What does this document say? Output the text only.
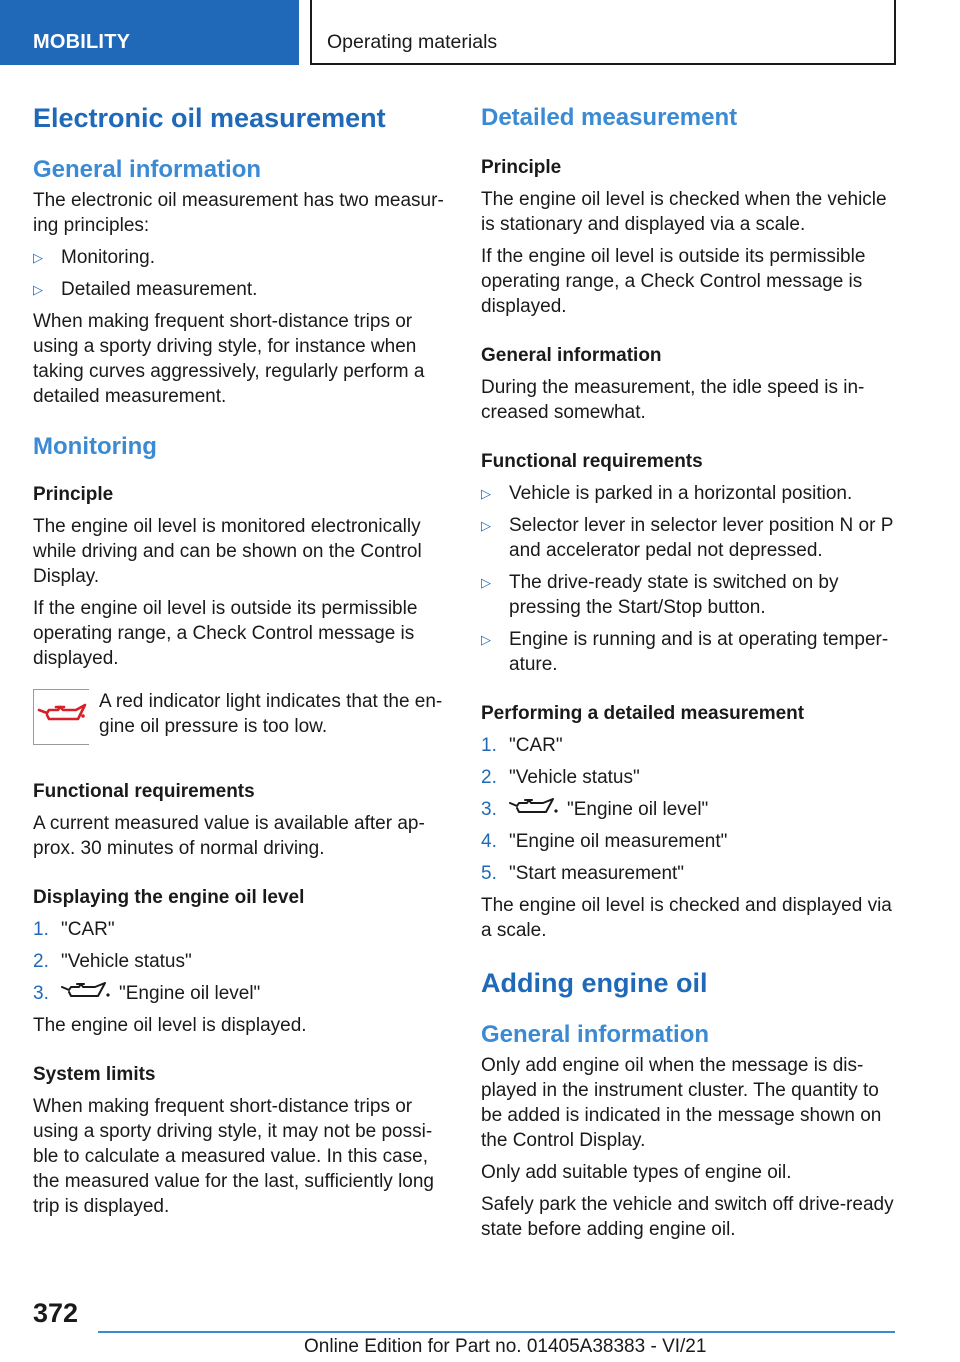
MOBILITY	Operating materials
Electronic oil measurement
General information

The electronic oil measurement has two measur-ing principles:

▷ Monitoring.
▷ Detailed measurement.

When making frequent short-distance trips or using a sporty driving style, for instance when taking curves aggressively, regularly perform a detailed measurement.

Monitoring
Principle

The engine oil level is monitored electronically while driving and can be shown on the Control Display.

If the engine oil level is outside its permissible operating range, a Check Control message is displayed.

A red indicator light indicates that the en-gine oil pressure is too low.

Functional requirements

A current measured value is available after ap-prox. 30 minutes of normal driving.

Displaying the engine oil level
1. "CAR"
2. "Vehicle status"
3.	"Engine oil level"

The engine oil level is displayed.

System limits

When making frequent short-distance trips or using a sporty driving style, it may not be possi-ble to calculate a measured value. In this case, the measured value for the last, sufficiently long trip is displayed.

Detailed measurement
Principle

The engine oil level is checked when the vehicle is stationary and displayed via a scale.

If the engine oil level is outside its permissible operating range, a Check Control message is displayed.

General information

During the measurement, the idle speed is in-creased somewhat.

Functional requirements
▷ Vehicle is parked in a horizontal position.
▷ Selector lever in selector lever position N or P and accelerator pedal not depressed.
▷ The drive-ready state is switched on by pressing the Start/Stop button.
▷ Engine is running and is at operating temper-ature.
Performing a detailed measurement
1. "CAR"
2. "Vehicle status"
3.	"Engine oil level"
4. "Engine oil measurement"
5. "Start measurement"

The engine oil level is checked and displayed via a scale.

Adding engine oil
General information

Only add engine oil when the message is dis-played in the instrument cluster. The quantity to be added is indicated in the message shown on the Control Display.

Only add suitable types of engine oil.

Safely park the vehicle and switch off drive-ready state before adding engine oil.

372
Online Edition for Part no. 01405A38383 - VI/21
